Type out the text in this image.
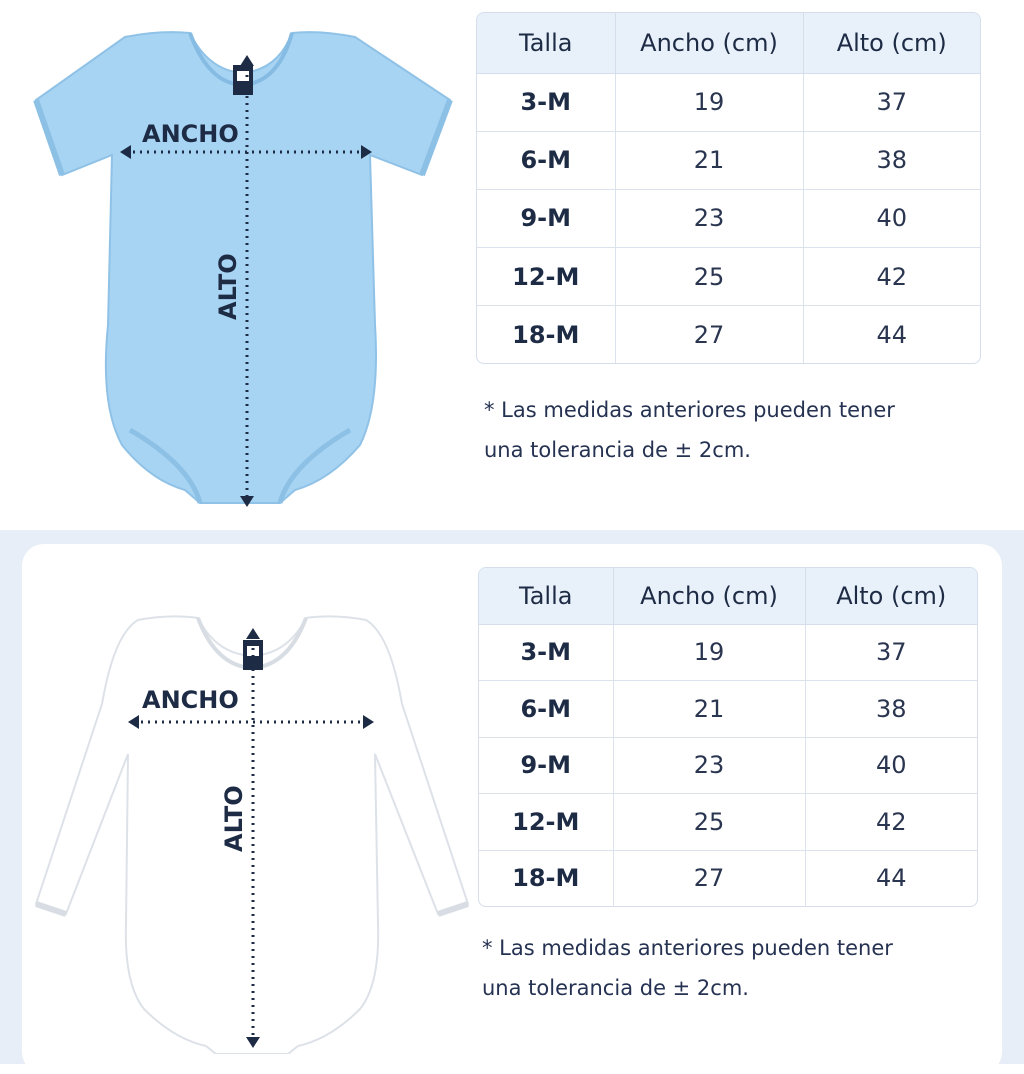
ANCHO
ALTO
Talla	Ancho (cm)	Alto (cm)
3-M	19	37
6-M	21	38
9-M	23	40
12-M	25	42
18-M	27	44
* Las medidas anteriores pueden tener
una tolerancia de ± 2cm.
ANCHO
ALTO
Talla	Ancho (cm)	Alto (cm)
3-M	19	37
6-M	21	38
9-M	23	40
12-M	25	42
18-M	27	44
* Las medidas anteriores pueden tener
una tolerancia de ± 2cm.
